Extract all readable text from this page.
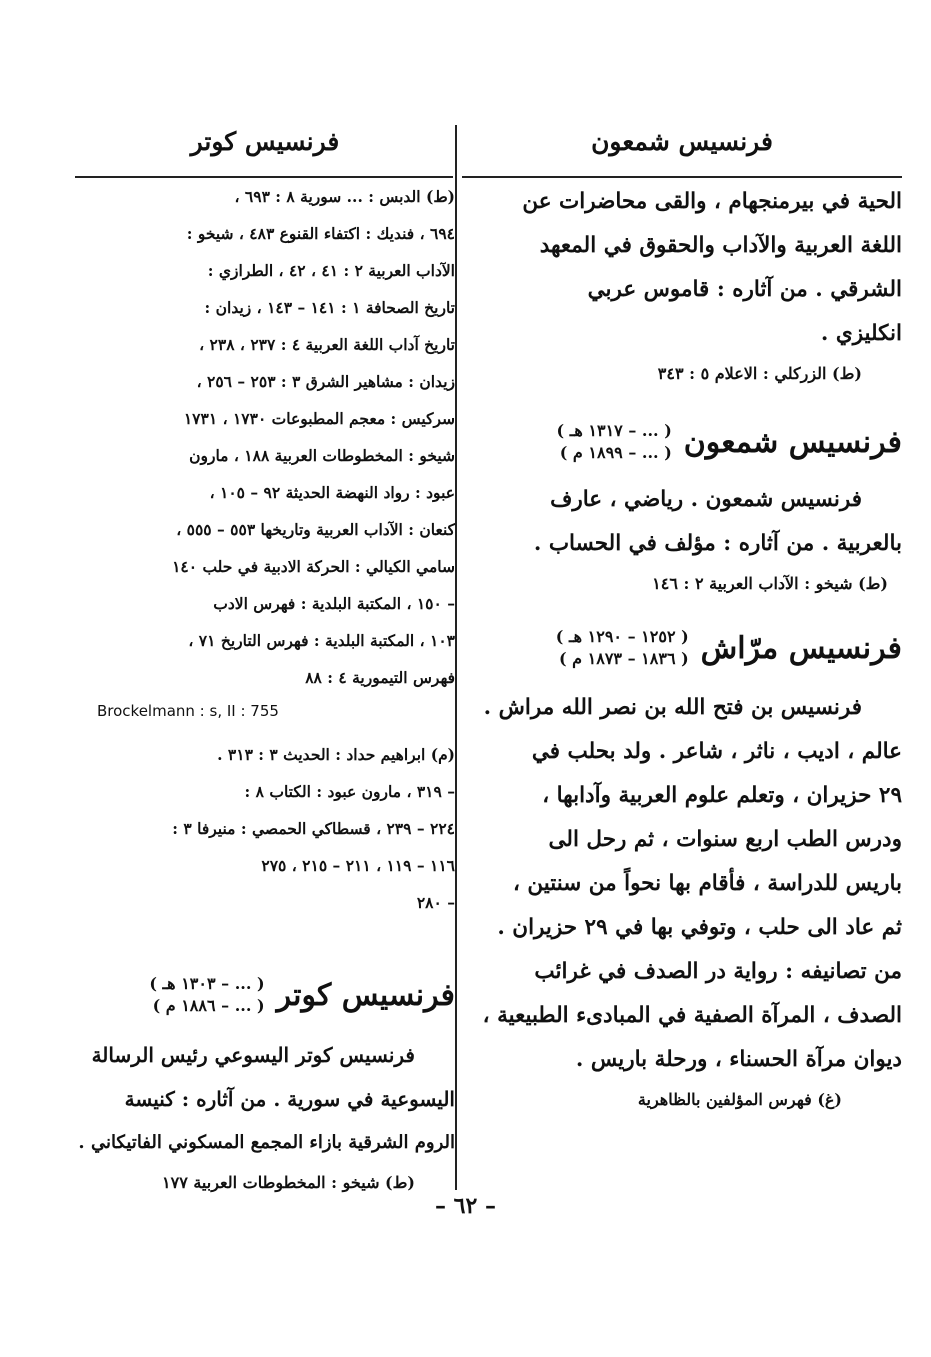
فرنسيس شمعون

الحية في بيرمنجهام ، والقى محاضرات عن

اللغة العربية والآداب والحقوق في المعهد

الشرقي . من آثاره : قاموس عربي

انكليزي .

(ط) الزركلي : الاعلام ٥ : ٣٤٣

فرنسيس شمعون
( ... – ١٣١٧ هـ )
( ... – ١٨٩٩ م )

فرنسيس شمعون . رياضي ، عارف

بالعربية . من آثاره : مؤلف في الحساب .

(ط) شيخو : الآداب العربية ٢ : ١٤٦

فرنسيس مرّاش
( ١٢٥٢ – ١٢٩٠ هـ )
( ١٨٣٦ – ١٨٧٣ م )

فرنسيس بن فتح الله بن نصر الله مراش .

عالم ، اديب ، ناثر ، شاعر . ولد بحلب في

٢٩ حزيران ، وتعلم علوم العربية وآدابها ،

ودرس الطب اربع سنوات ، ثم رحل الى

باريس للدراسة ، فأقام بها نحواً من سنتين ،

ثم عاد الى حلب ، وتوفي بها في ٢٩ حزيران .

من تصانيفه : رواية در الصدف في غرائب

الصدف ، المرآة الصفية في المبادىء الطبيعية ،

ديوان مرآة الحسناء ، ورحلة باريس .

(غ) فهرس المؤلفين بالظاهرية

فرنسيس كوتر

(ط) الدبس : ... سورية ٨ : ٦٩٣ ،

٦٩٤ ، فنديك : اكتفاء القنوع ٤٨٣ ، شيخو :

الآداب العربية ٢ : ٤١ ، ٤٢ ، الطرازي :

تاريخ الصحافة ١ : ١٤١ – ١٤٣ ، زيدان :

تاريخ آداب اللغة العربية ٤ : ٢٣٧ ، ٢٣٨ ،

زيدان : مشاهير الشرق ٣ : ٢٥٣ – ٢٥٦ ،

سركيس : معجم المطبوعات ١٧٣٠ ، ١٧٣١

شيخو : المخطوطات العربية ١٨٨ ، مارون

عبود : رواد النهضة الحديثة ٩٢ – ١٠٥ ،

كنعان : الآداب العربية وتاريخها ٥٥٣ – ٥٥٥ ،

سامي الكيالي : الحركة الادبية في حلب ١٤٠

– ١٥٠ ، المكتبة البلدية : فهرس الادب

١٠٣ ، المكتبة البلدية : فهرس التاريخ ٧١ ،

فهرس التيمورية ٤ : ٨٨

Brockelmann : s, II : 755

(م) ابراهيم حداد : الحديث ٣ : ٣١٣ .

– ٣١٩ ، مارون عبود : الكتاب ٨ :

٢٢٤ – ٢٣٩ ، قسطاكي الحمصي : منيرفا ٣ :

١١٦ – ١١٩ ، ٢١١ – ٢١٥ ، ٢٧٥

– ٢٨٠

فرنسيس كوتر
( ... – ١٣٠٣ هـ )
( ... – ١٨٨٦ م )

فرنسيس كوتر اليسوعي رئيس الرسالة

اليسوعية في سورية . من آثاره : كنيسة

الروم الشرقية بازاء المجمع المسكوني الفاتيكاني .

(ط) شيخو : المخطوطات العربية ١٧٧

– ٦٢ –
